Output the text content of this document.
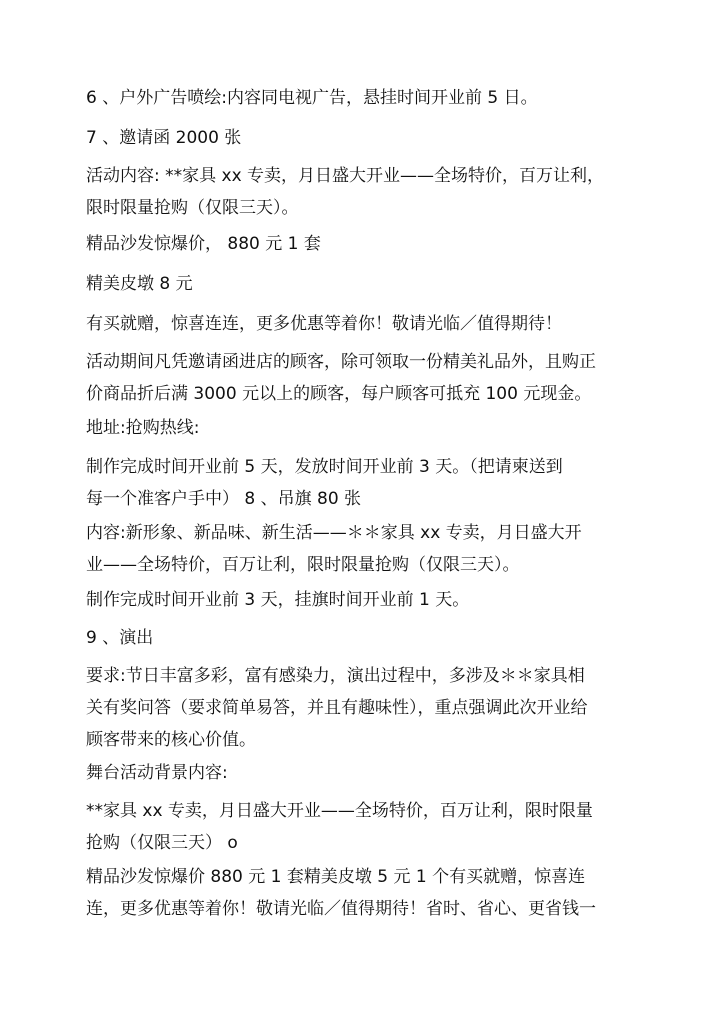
6 、户外广告喷绘:内容同电视广告，悬挂时间开业前 5 日。

7 、邀请函 2000 张

活动内容: **家具 xx 专卖，月日盛大开业——全场特价，百万让利，
限时限量抢购（仅限三天）。

精品沙发惊爆价， 880 元 1 套

精美皮墩 8 元

有买就赠，惊喜连连，更多优惠等着你！敬请光临／值得期待！

活动期间凡凭邀请函进店的顾客，除可领取一份精美礼品外，且购正
价商品折后满 3000 元以上的顾客，每户顾客可抵充 100 元现金。

地址:抢购热线:

制作完成时间开业前 5 天，发放时间开业前 3 天。（把请柬送到
每一个准客户手中） 8 、吊旗 80 张

内容:新形象、新品味、新生活——＊＊家具 xx 专卖，月日盛大开
业——全场特价，百万让利，限时限量抢购（仅限三天）。

制作完成时间开业前 3 天，挂旗时间开业前 1 天。

9 、演出

要求:节日丰富多彩，富有感染力，演出过程中，多涉及＊＊家具相
关有奖问答（要求简单易答，并且有趣味性），重点强调此次开业给
顾客带来的核心价值。

舞台活动背景内容:

**家具 xx 专卖，月日盛大开业——全场特价，百万让利，限时限量
抢购（仅限三天） o

精品沙发惊爆价 880 元 1 套精美皮墩 5 元 1 个有买就赠，惊喜连
连，更多优惠等着你！敬请光临／值得期待！省时、省心、更省钱一
